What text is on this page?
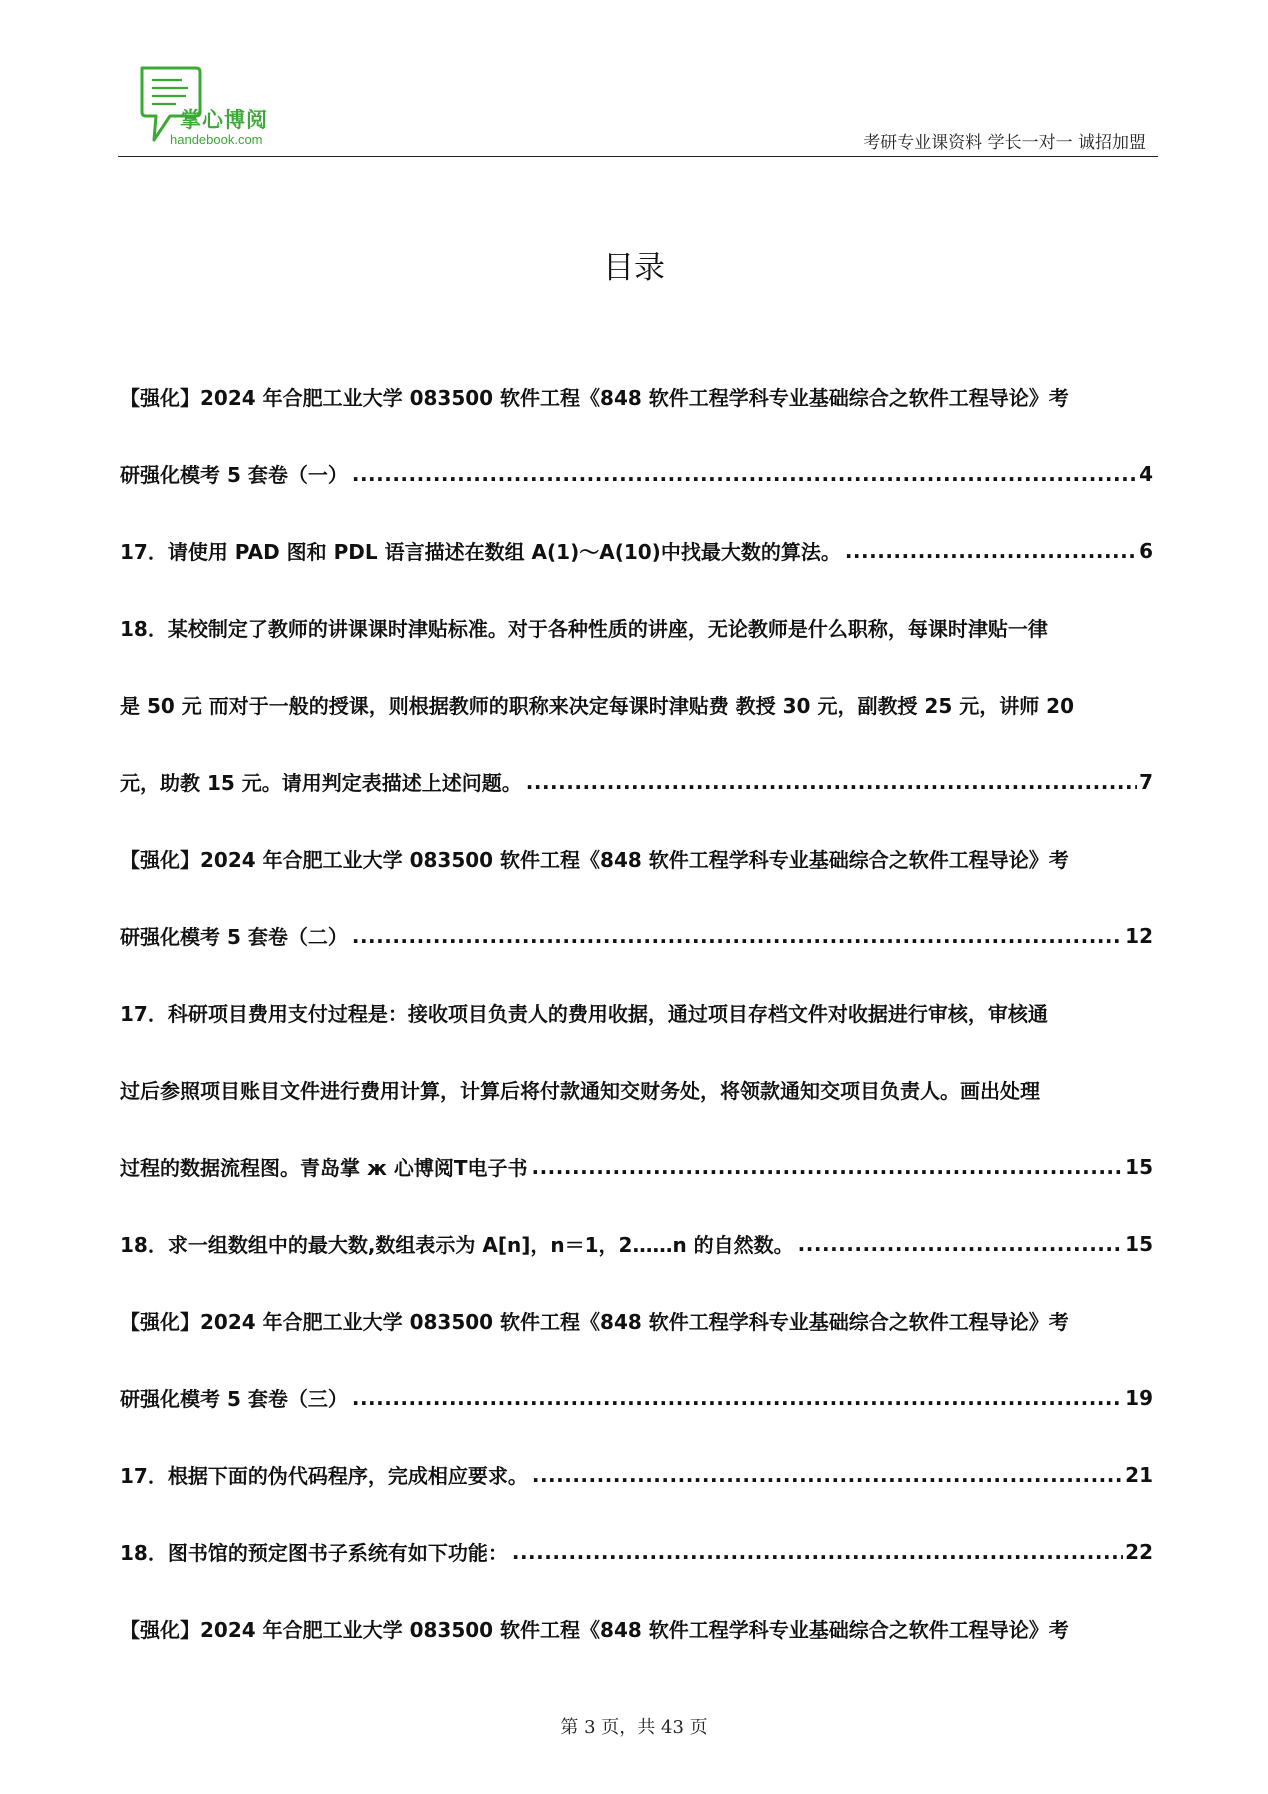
掌心博阅
handebook.com	考研专业课资料 学长一对一 诚招加盟
目录
【强化】2024 年合肥工业大学 083500 软件工程《848 软件工程学科专业基础综合之软件工程导论》考
研强化模考 5 套卷（一） .....	4
17．请使用 PAD 图和 PDL 语言描述在数组 A(1)～A(10)中找最大数的算法。 .....	6
18．某校制定了教师的讲课课时津贴标准。对于各种性质的讲座，无论教师是什么职称，每课时津贴一律
是 50 元 而对于一般的授课，则根据教师的职称来决定每课时津贴费 教授 30 元，副教授 25 元，讲师 20
元，助教 15 元。请用判定表描述上述问题。 .....	7
【强化】2024 年合肥工业大学 083500 软件工程《848 软件工程学科专业基础综合之软件工程导论》考
研强化模考 5 套卷（二） .....	12
17．科研项目费用支付过程是：接收项目负责人的费用收据，通过项目存档文件对收据进行审核，审核通
过后参照项目账目文件进行费用计算，计算后将付款通知交财务处，将领款通知交项目负责人。画出处理
过程的数据流程图。青岛掌 ж 心博阅T电子书 .....	15
18．求一组数组中的最大数,数组表示为 A[n]，n＝1，2……n 的自然数。 .....	15
【强化】2024 年合肥工业大学 083500 软件工程《848 软件工程学科专业基础综合之软件工程导论》考
研强化模考 5 套卷（三） .....	19
17．根据下面的伪代码程序，完成相应要求。 .....	21
18．图书馆的预定图书子系统有如下功能： .....	22
【强化】2024 年合肥工业大学 083500 软件工程《848 软件工程学科专业基础综合之软件工程导论》考
第 3 页，共 43 页
